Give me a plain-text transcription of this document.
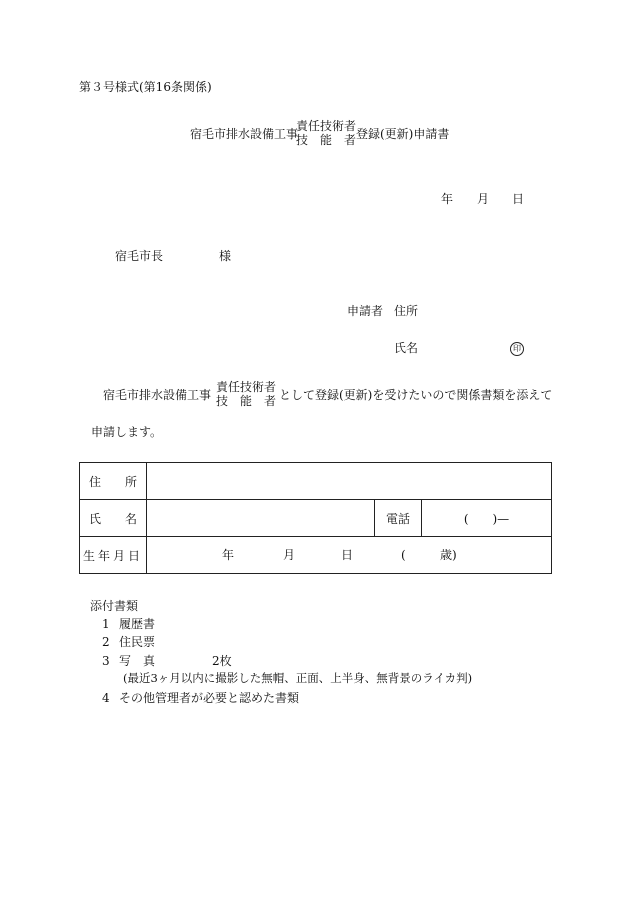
第３号様式(第16条関係)
宿毛市排水設備工事
責任技術者
技　能　者 登録(更新)申請書
年 月 日
宿毛市長	様
申請者 住所
氏名	印
宿毛市排水設備工事
責任技術者
技　能　者 として登録(更新)を受けたいので関係書類を添えて
申請します。
住　　所			
氏　　名		電話	(　　)—
生年月日	年 月 日 ( 歳)		
添付書類
1 履歴書
2 住民票
3 写　真	2枚
(最近3ヶ月以内に撮影した無帽、正面、上半身、無背景のライカ判)
4 その他管理者が必要と認めた書類
